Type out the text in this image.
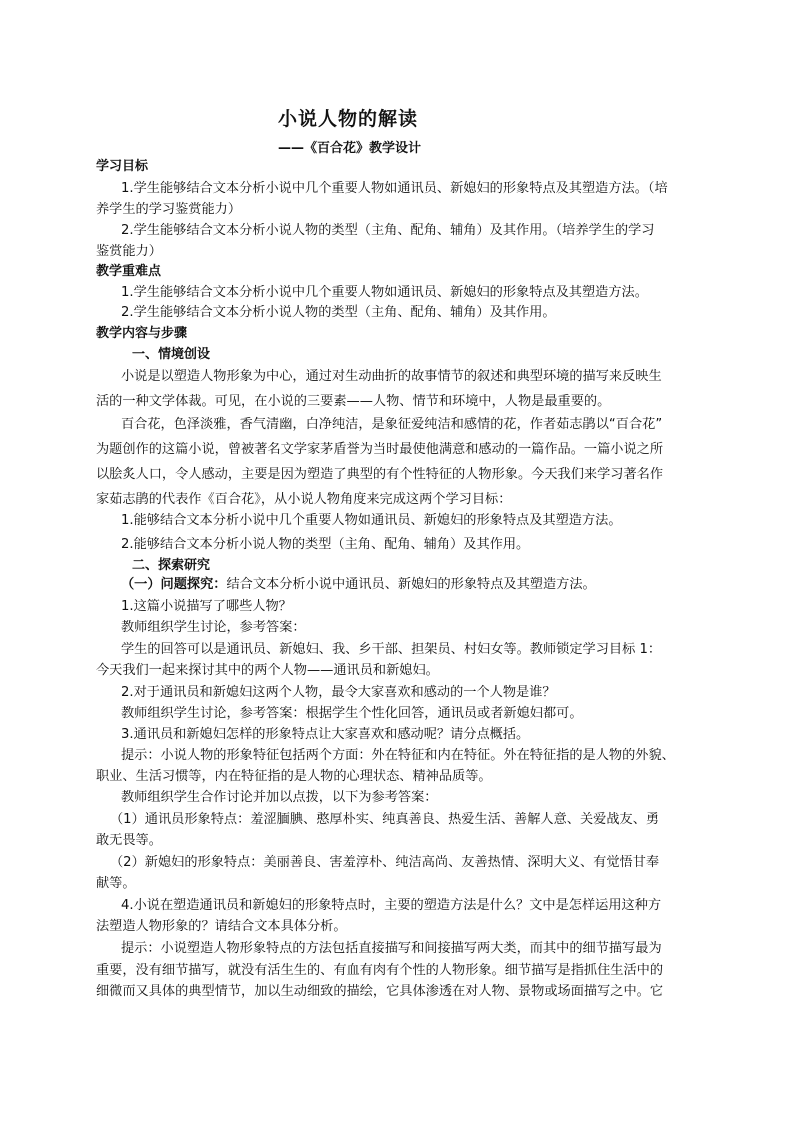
小说人物的解读
——《百合花》教学设计
学习目标
1.学生能够结合文本分析小说中几个重要人物如通讯员、新媳妇的形象特点及其塑造方法。（培
养学生的学习鉴赏能力）
2.学生能够结合文本分析小说人物的类型（主角、配角、辅角）及其作用。（培养学生的学习
鉴赏能力）
教学重难点
1.学生能够结合文本分析小说中几个重要人物如通讯员、新媳妇的形象特点及其塑造方法。
2.学生能够结合文本分析小说人物的类型（主角、配角、辅角）及其作用。
教学内容与步骤
一、情境创设
小说是以塑造人物形象为中心，通过对生动曲折的故事情节的叙述和典型环境的描写来反映生
活的一种文学体裁。可见，在小说的三要素——人物、情节和环境中，人物是最重要的。
百合花，色泽淡雅，香气清幽，白净纯洁，是象征爱纯洁和感情的花，作者茹志鹃以“百合花”
为题创作的这篇小说，曾被著名文学家茅盾誉为当时最使他满意和感动的一篇作品。一篇小说之所
以脍炙人口，令人感动，主要是因为塑造了典型的有个性特征的人物形象。今天我们来学习著名作
家茹志鹃的代表作《百合花》，从小说人物角度来完成这两个学习目标：
1.能够结合文本分析小说中几个重要人物如通讯员、新媳妇的形象特点及其塑造方法。
2.能够结合文本分析小说人物的类型（主角、配角、辅角）及其作用。
二、探索研究
（一）问题探究：结合文本分析小说中通讯员、新媳妇的形象特点及其塑造方法。
1.这篇小说描写了哪些人物？
教师组织学生讨论，参考答案：
学生的回答可以是通讯员、新媳妇、我、乡干部、担架员、村妇女等。教师锁定学习目标 1：
今天我们一起来探讨其中的两个人物——通讯员和新媳妇。
2.对于通讯员和新媳妇这两个人物，最令大家喜欢和感动的一个人物是谁？
教师组织学生讨论，参考答案：根据学生个性化回答，通讯员或者新媳妇都可。
3.通讯员和新媳妇怎样的形象特点让大家喜欢和感动呢？请分点概括。
提示：小说人物的形象特征包括两个方面：外在特征和内在特征。外在特征指的是人物的外貌、
职业、生活习惯等，内在特征指的是人物的心理状态、精神品质等。
教师组织学生合作讨论并加以点拨，以下为参考答案：
（1）通讯员形象特点：羞涩腼腆、憨厚朴实、纯真善良、热爱生活、善解人意、关爱战友、勇
敢无畏等。
（2）新媳妇的形象特点：美丽善良、害羞淳朴、纯洁高尚、友善热情、深明大义、有觉悟甘奉
献等。
4.小说在塑造通讯员和新媳妇的形象特点时，主要的塑造方法是什么？文中是怎样运用这种方
法塑造人物形象的？请结合文本具体分析。
提示：小说塑造人物形象特点的方法包括直接描写和间接描写两大类，而其中的细节描写最为
重要，没有细节描写，就没有活生生的、有血有肉有个性的人物形象。细节描写是指抓住生活中的
细微而又具体的典型情节，加以生动细致的描绘，它具体渗透在对人物、景物或场面描写之中。它
